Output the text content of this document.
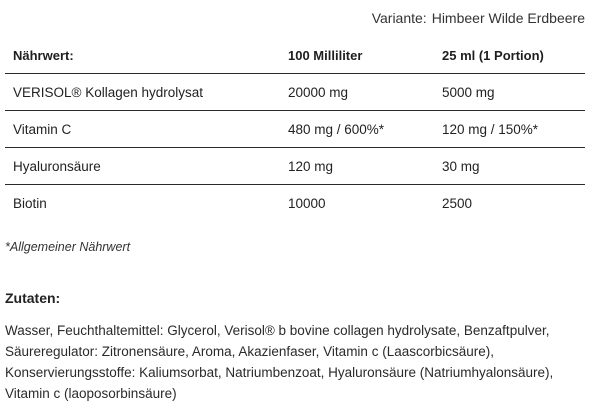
Variante: Himbeer Wilde Erdbeere
Nährwert:	100 Milliliter	25 ml (1 Portion)
VERISOL® Kollagen hydrolysat	20000 mg	5000 mg
Vitamin C	480 mg / 600%*	120 mg / 150%*
Hyaluronsäure	120 mg	30 mg
Biotin	10000	2500
*Allgemeiner Nährwert
Zutaten:
Wasser, Feuchthaltemittel: Glycerol, Verisol® b bovine collagen hydrolysate, Benzaftpulver, Säureregulator: Zitronensäure, Aroma, Akazienfaser, Vitamin c (Laascorbicsäure), Konservierungsstoffe: Kaliumsorbat, Natriumbenzoat, Hyaluronsäure (Natriumhyalonsäure), Vitamin c (laoposorbinsäure)
